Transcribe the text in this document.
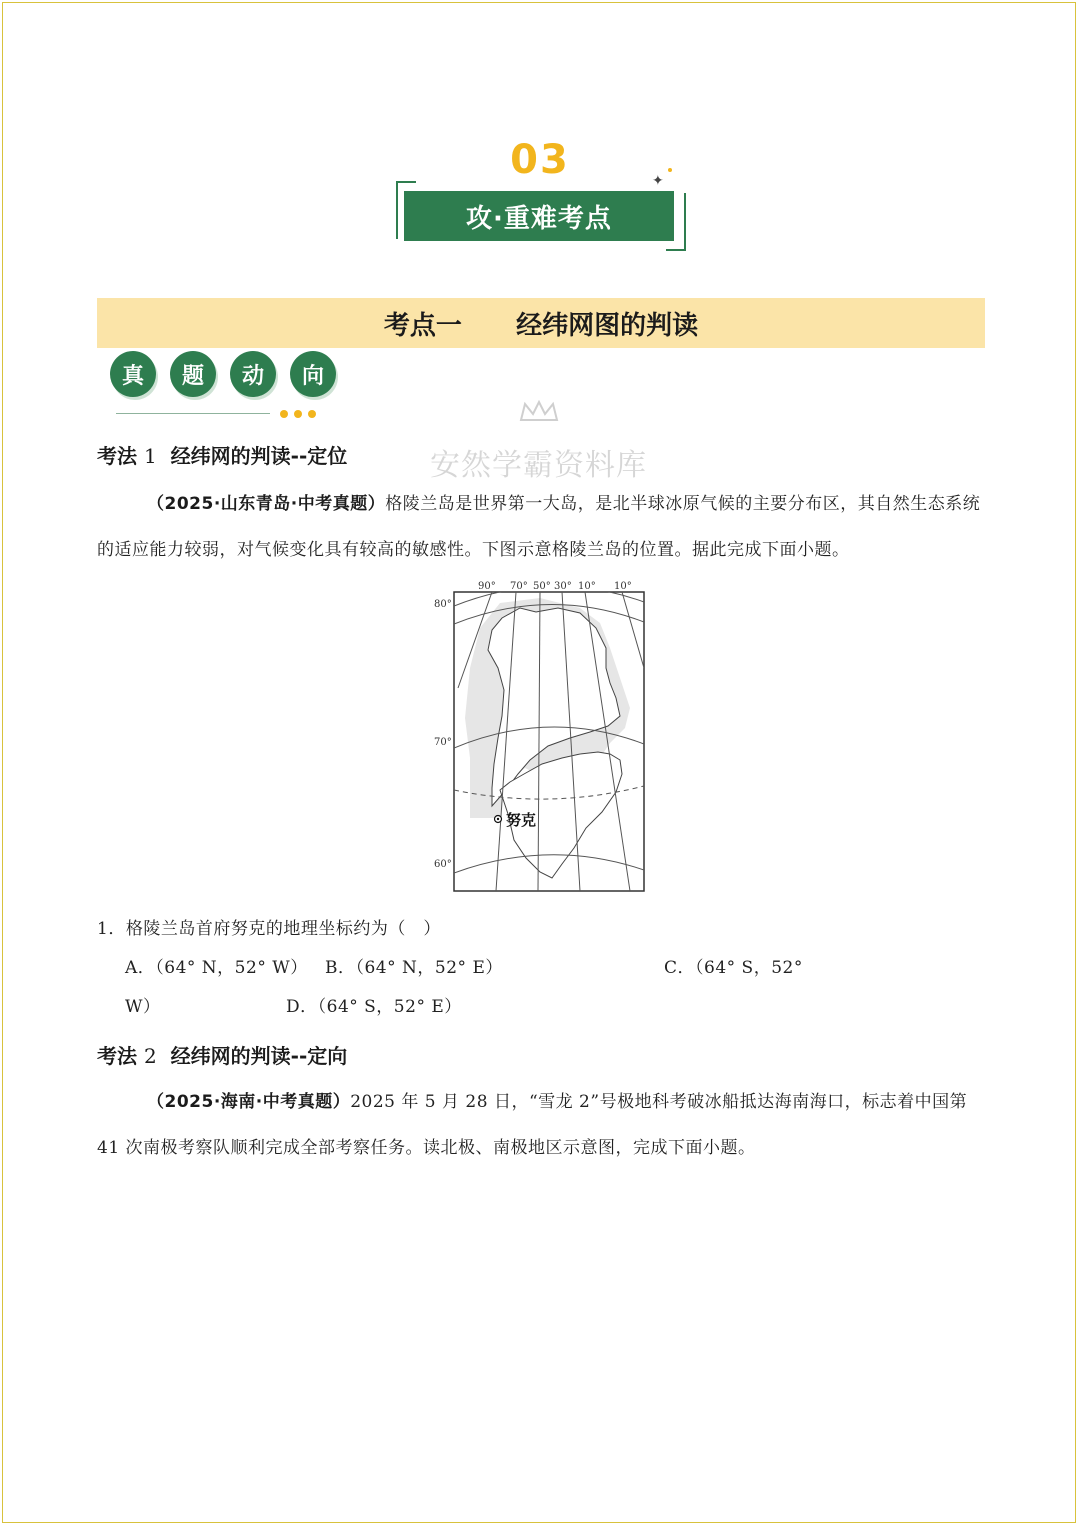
03	✦
攻·重难考点
考点一
经纬网图的判读
真	题	动	向
安然学霸资料库
考法 1 经纬网的判读--定位
（2025·山东青岛·中考真题）格陵兰岛是世界第一大岛，是北半球冰原气候的主要分布区，其自然生态系统的适应能力较弱，对气候变化具有较高的敏感性。下图示意格陵兰岛的位置。据此完成下面小题。
90° 70° 50° 30° 10° 10°
80°
70°
60°
努克
1．格陵兰岛首府努克的地理坐标约为（　）
A．（64° N，52° W） B．（64° N，52° E）	C．（64° S，52°
W）	D．（64° S，52° E）
考法 2 经纬网的判读--定向
（2025·海南·中考真题）2025 年 5 月 28 日，“雪龙 2”号极地科考破冰船抵达海南海口，标志着中国第 41 次南极考察队顺利完成全部考察任务。读北极、南极地区示意图，完成下面小题。
